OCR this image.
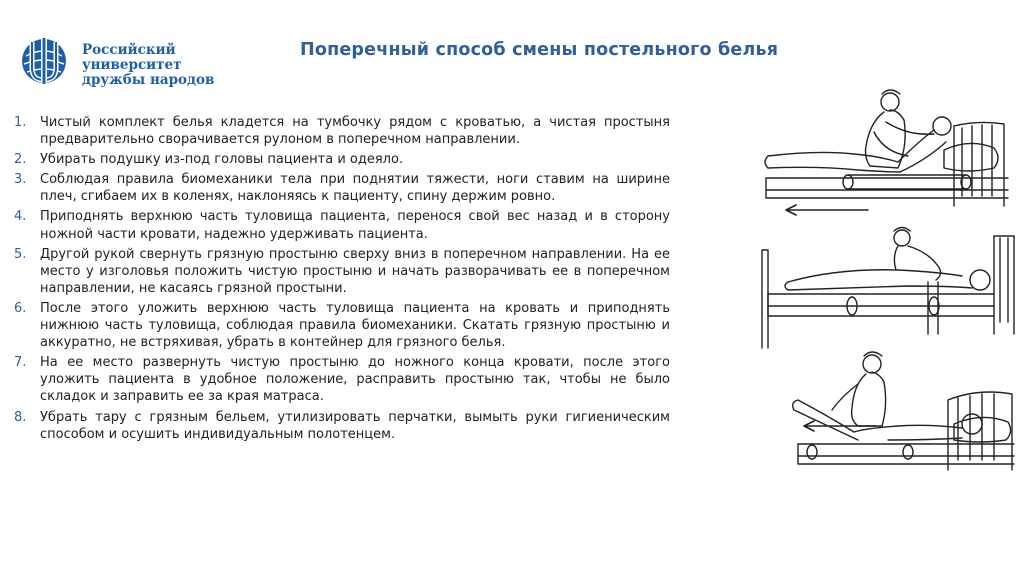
Российский университет
дружбы народов
Поперечный способ смены постельного белья
1. Чистый комплект белья кладется на тумбочку рядом с кроватью, а чистая простыня предварительно сворачивается рулоном в поперечном направлении.
2. Убирать подушку из-под головы пациента и одеяло.
3. Соблюдая правила биомеханики тела при поднятии тяжести, ноги ставим на ширине плеч, сгибаем их в коленях, наклоняясь к пациенту, спину держим ровно.
4. Приподнять верхнюю часть туловища пациента, перенося свой вес назад и в сторону ножной части кровати, надежно удерживать пациента.
5. Другой рукой свернуть грязную простыню сверху вниз в поперечном направлении. На ее место у изголовья положить чистую простыню и начать разворачивать ее в поперечном направлении, не касаясь грязной простыни.
6. После этого уложить верхнюю часть туловища пациента на кровать и приподнять нижнюю часть туловища, соблюдая правила биомеханики. Скатать грязную простыню и аккуратно, не встряхивая, убрать в контейнер для грязного белья.
7. На ее место развернуть чистую простыню до ножного конца кровати, после этого уложить пациента в удобное положение, расправить простыню так, чтобы не было складок и заправить ее за края матраса.
8. Убрать тару с грязным бельем, утилизировать перчатки, вымыть руки гигиеническим способом и осушить индивидуальным полотенцем.
